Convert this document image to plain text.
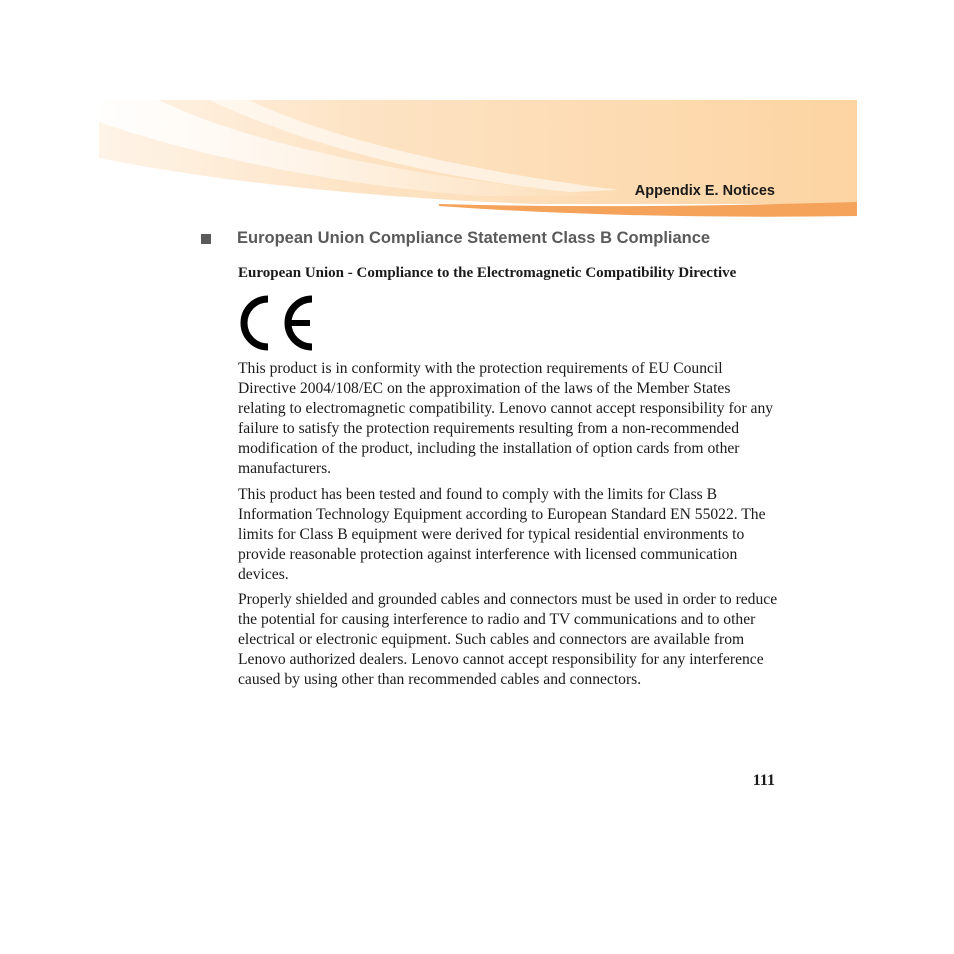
Appendix E. Notices
European Union Compliance Statement Class B Compliance

European Union - Compliance to the Electromagnetic Compatibility Directive

This product is in conformity with the protection requirements of EU Council Directive 2004/108/EC on the approximation of the laws of the Member States relating to electromagnetic compatibility. Lenovo cannot accept responsibility for any failure to satisfy the protection requirements resulting from a non-recommended modification of the product, including the installation of option cards from other manufacturers.

This product has been tested and found to comply with the limits for Class B Information Technology Equipment according to European Standard EN 55022. The limits for Class B equipment were derived for typical residential environments to provide reasonable protection against interference with licensed communication devices.

Properly shielded and grounded cables and connectors must be used in order to reduce the potential for causing interference to radio and TV communications and to other electrical or electronic equipment. Such cables and connectors are available from Lenovo authorized dealers. Lenovo cannot accept responsibility for any interference caused by using other than recommended cables and connectors.

111
